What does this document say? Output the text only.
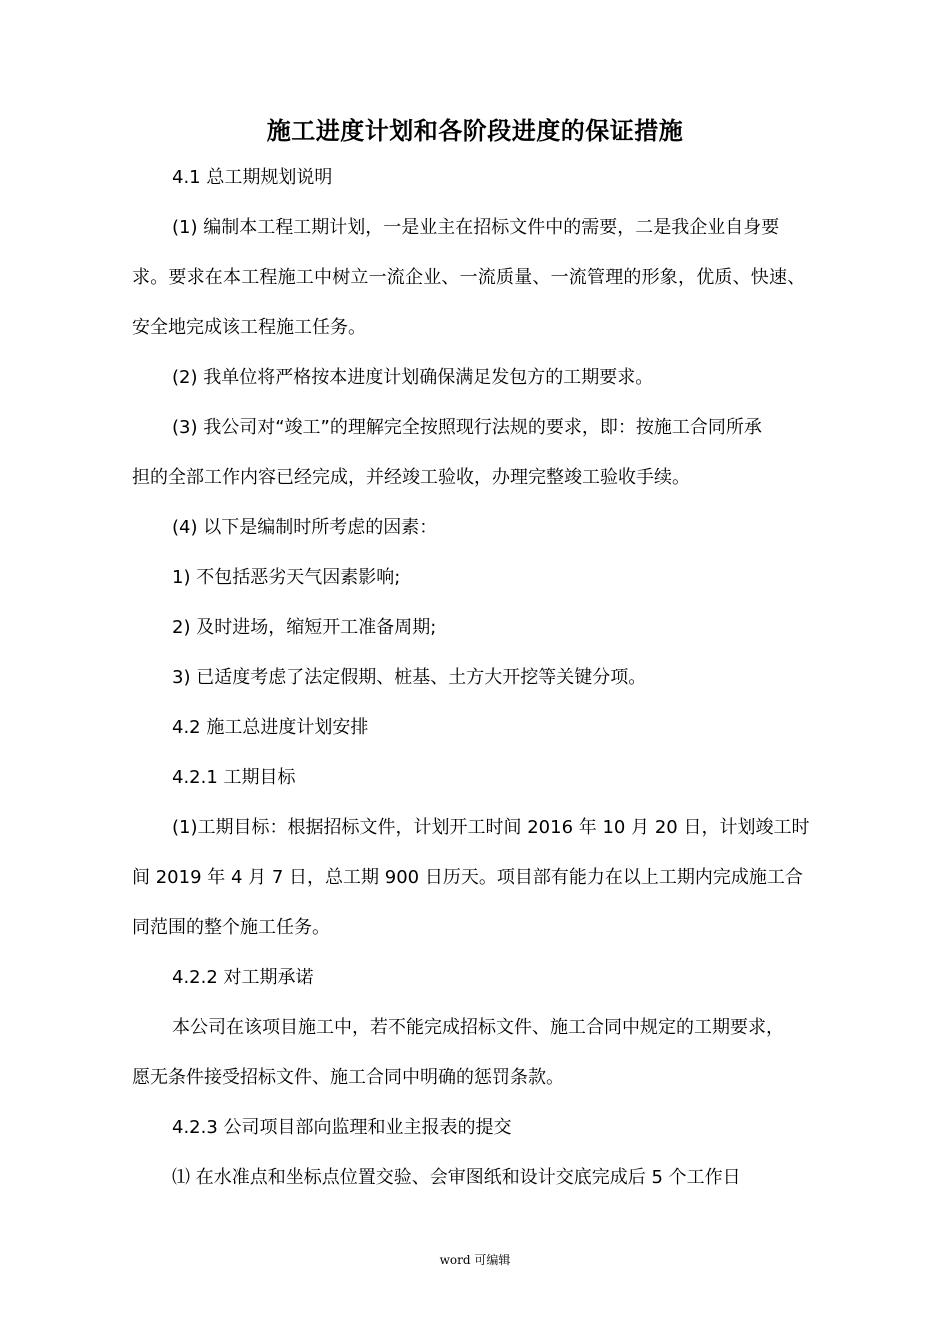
施工进度计划和各阶段进度的保证措施
4.1 总工期规划说明
(1) 编制本工程工期计划，一是业主在招标文件中的需要，二是我企业自身要
求。要求在本工程施工中树立一流企业、一流质量、一流管理的形象，优质、快速、
安全地完成该工程施工任务。
(2) 我单位将严格按本进度计划确保满足发包方的工期要求。
(3) 我公司对“竣工”的理解完全按照现行法规的要求，即：按施工合同所承
担的全部工作内容已经完成，并经竣工验收，办理完整竣工验收手续。
(4) 以下是编制时所考虑的因素：
1) 不包括恶劣天气因素影响;
2) 及时进场，缩短开工准备周期;
3) 已适度考虑了法定假期、桩基、土方大开挖等关键分项。
4.2 施工总进度计划安排
4.2.1 工期目标
(1)工期目标：根据招标文件，计划开工时间 2016 年 10 月 20 日，计划竣工时
间 2019 年 4 月 7 日，总工期 900 日历天。项目部有能力在以上工期内完成施工合
同范围的整个施工任务。
4.2.2 对工期承诺
本公司在该项目施工中，若不能完成招标文件、施工合同中规定的工期要求，
愿无条件接受招标文件、施工合同中明确的惩罚条款。
4.2.3 公司项目部向监理和业主报表的提交
⑴ 在水准点和坐标点位置交验、会审图纸和设计交底完成后 5 个工作日
word 可编辑
